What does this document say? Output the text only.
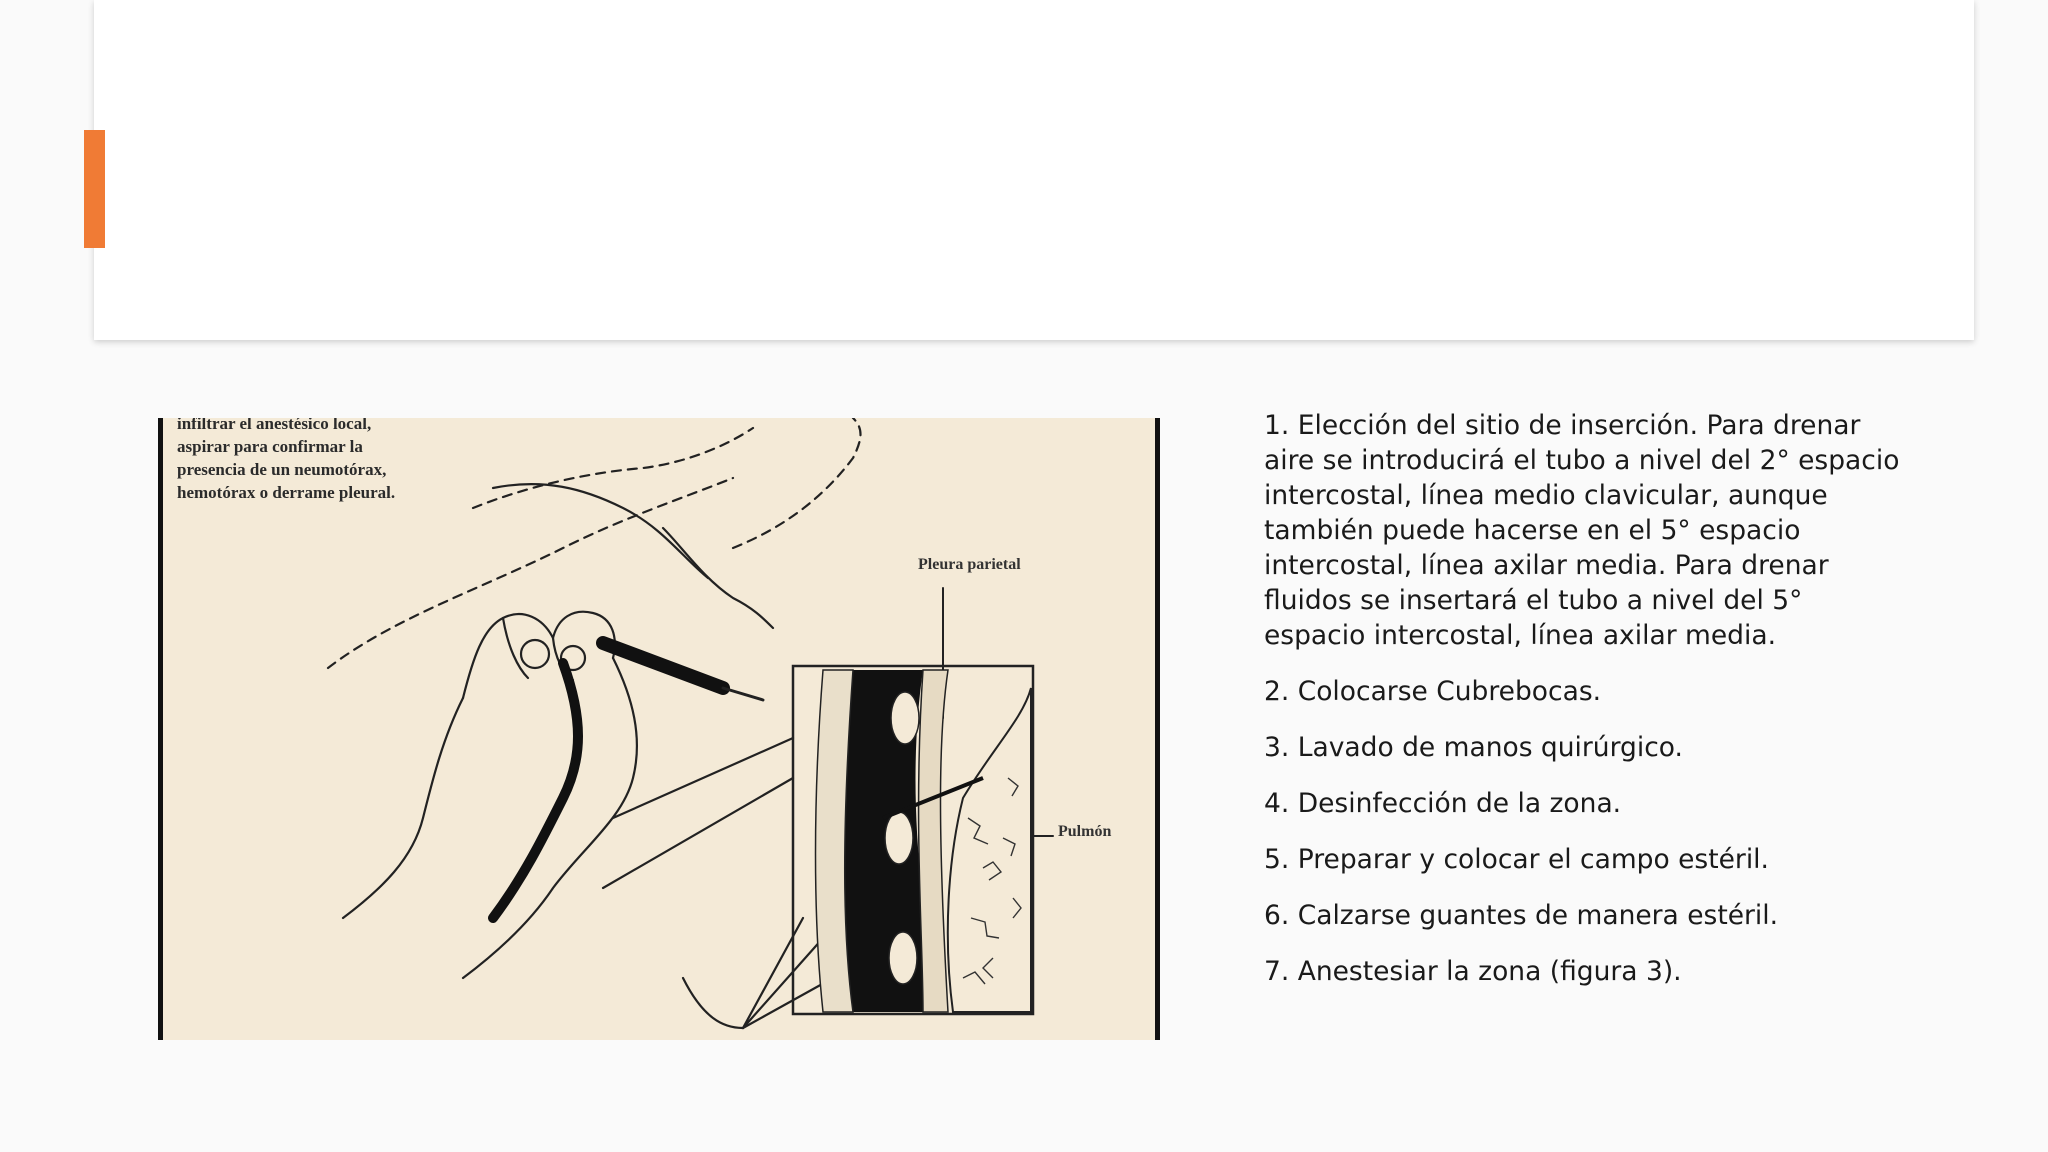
infiltrar el anestésico local, aspirar para confirmar la presencia de un neumotórax, hemotórax o derrame pleural.
Pleura parietal
Pulmón
1. Elección del sitio de inserción. Para drenar aire se introducirá el tubo a nivel del 2° espacio intercostal, línea medio clavicular, aunque también puede hacerse en el 5° espacio intercostal, línea axilar media. Para drenar fluidos se insertará el tubo a nivel del 5° espacio intercostal, línea axilar media.
2. Colocarse Cubrebocas.
3. Lavado de manos quirúrgico.
4. Desinfección de la zona.
5. Preparar y colocar el campo estéril.
6. Calzarse guantes de manera estéril.
7. Anestesiar la zona (figura 3).
